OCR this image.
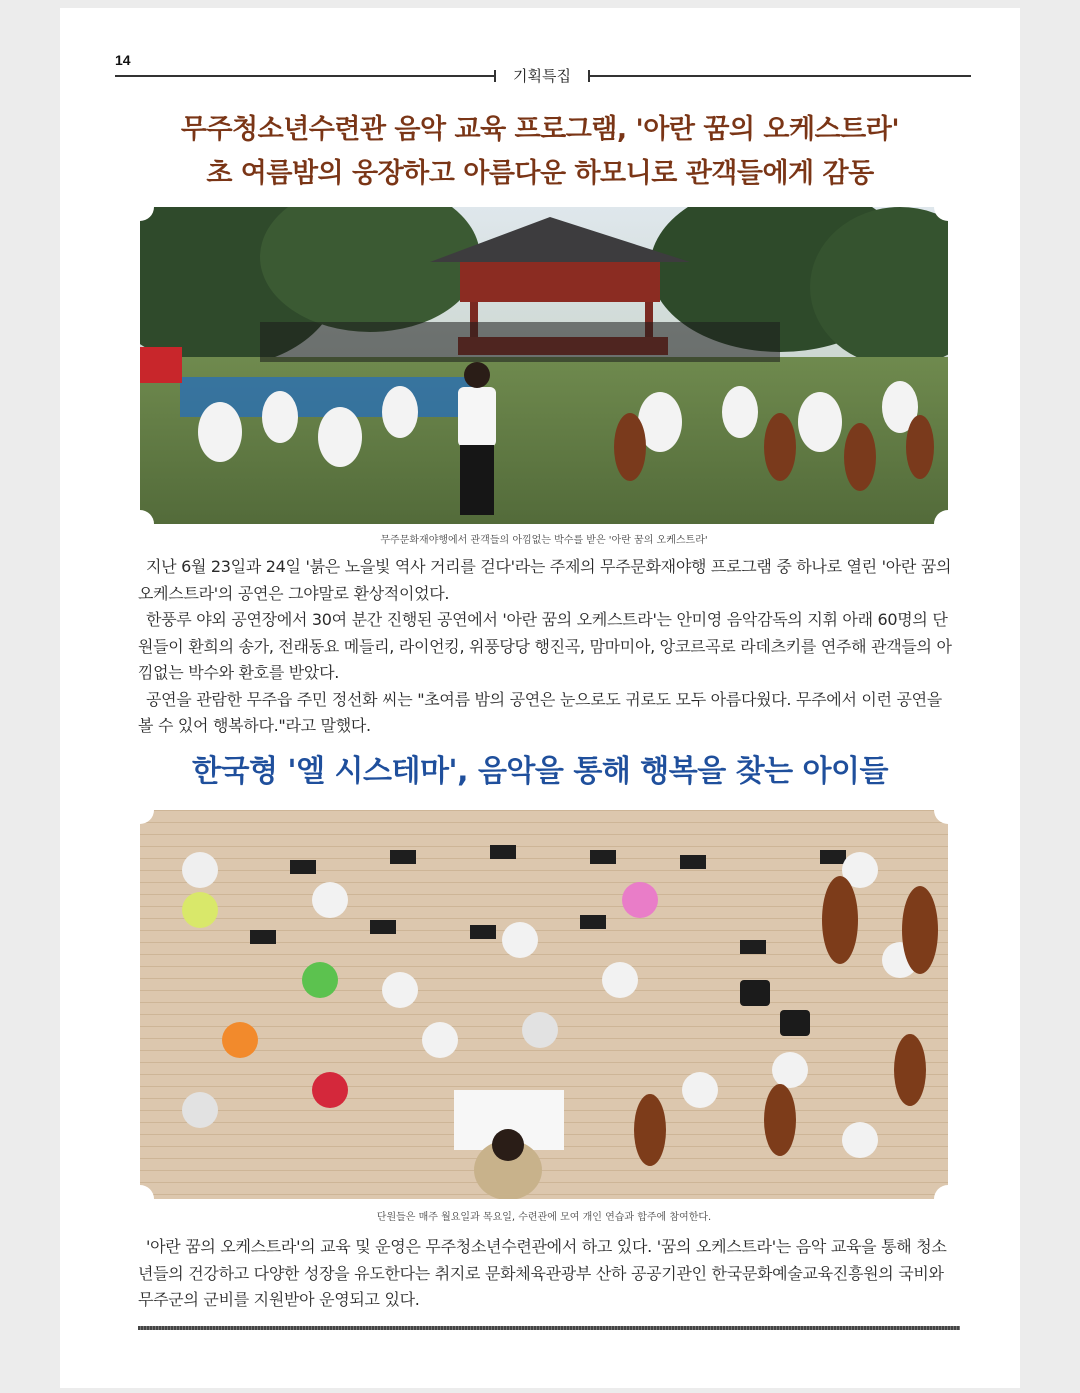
14
기획특집
무주청소년수련관 음악 교육 프로그램, '아란 꿈의 오케스트라'
초 여름밤의 웅장하고 아름다운 하모니로 관객들에게 감동
무주문화재야행에서 관객들의 아낌없는 박수를 받은 '아란 꿈의 오케스트라'

지난 6월 23일과 24일 '붉은 노을빛 역사 거리를 걷다'라는 주제의 무주문화재야행 프로그램 중 하나로 열린 '아란 꿈의 오케스트라'의 공연은 그야말로 환상적이었다.

한풍루 야외 공연장에서 30여 분간 진행된 공연에서 '아란 꿈의 오케스트라'는 안미영 음악감독의 지휘 아래 60명의 단원들이 환희의 송가, 전래동요 메들리, 라이언킹, 위풍당당 행진곡, 맘마미아, 앙코르곡로 라데츠키를 연주해 관객들의 아낌없는 박수와 환호를 받았다.

공연을 관람한 무주읍 주민 정선화 씨는 "초여름 밤의 공연은 눈으로도 귀로도 모두 아름다웠다. 무주에서 이런 공연을 볼 수 있어 행복하다."라고 말했다.

한국형 '엘 시스테마', 음악을 통해 행복을 찾는 아이들
단원들은 매주 월요일과 목요일, 수련관에 모여 개인 연습과 합주에 참여한다.

'아란 꿈의 오케스트라'의 교육 및 운영은 무주청소년수련관에서 하고 있다. '꿈의 오케스트라'는 음악 교육을 통해 청소년들의 건강하고 다양한 성장을 유도한다는 취지로 문화체육관광부 산하 공공기관인 한국문화예술교육진흥원의 국비와 무주군의 군비를 지원받아 운영되고 있다.
